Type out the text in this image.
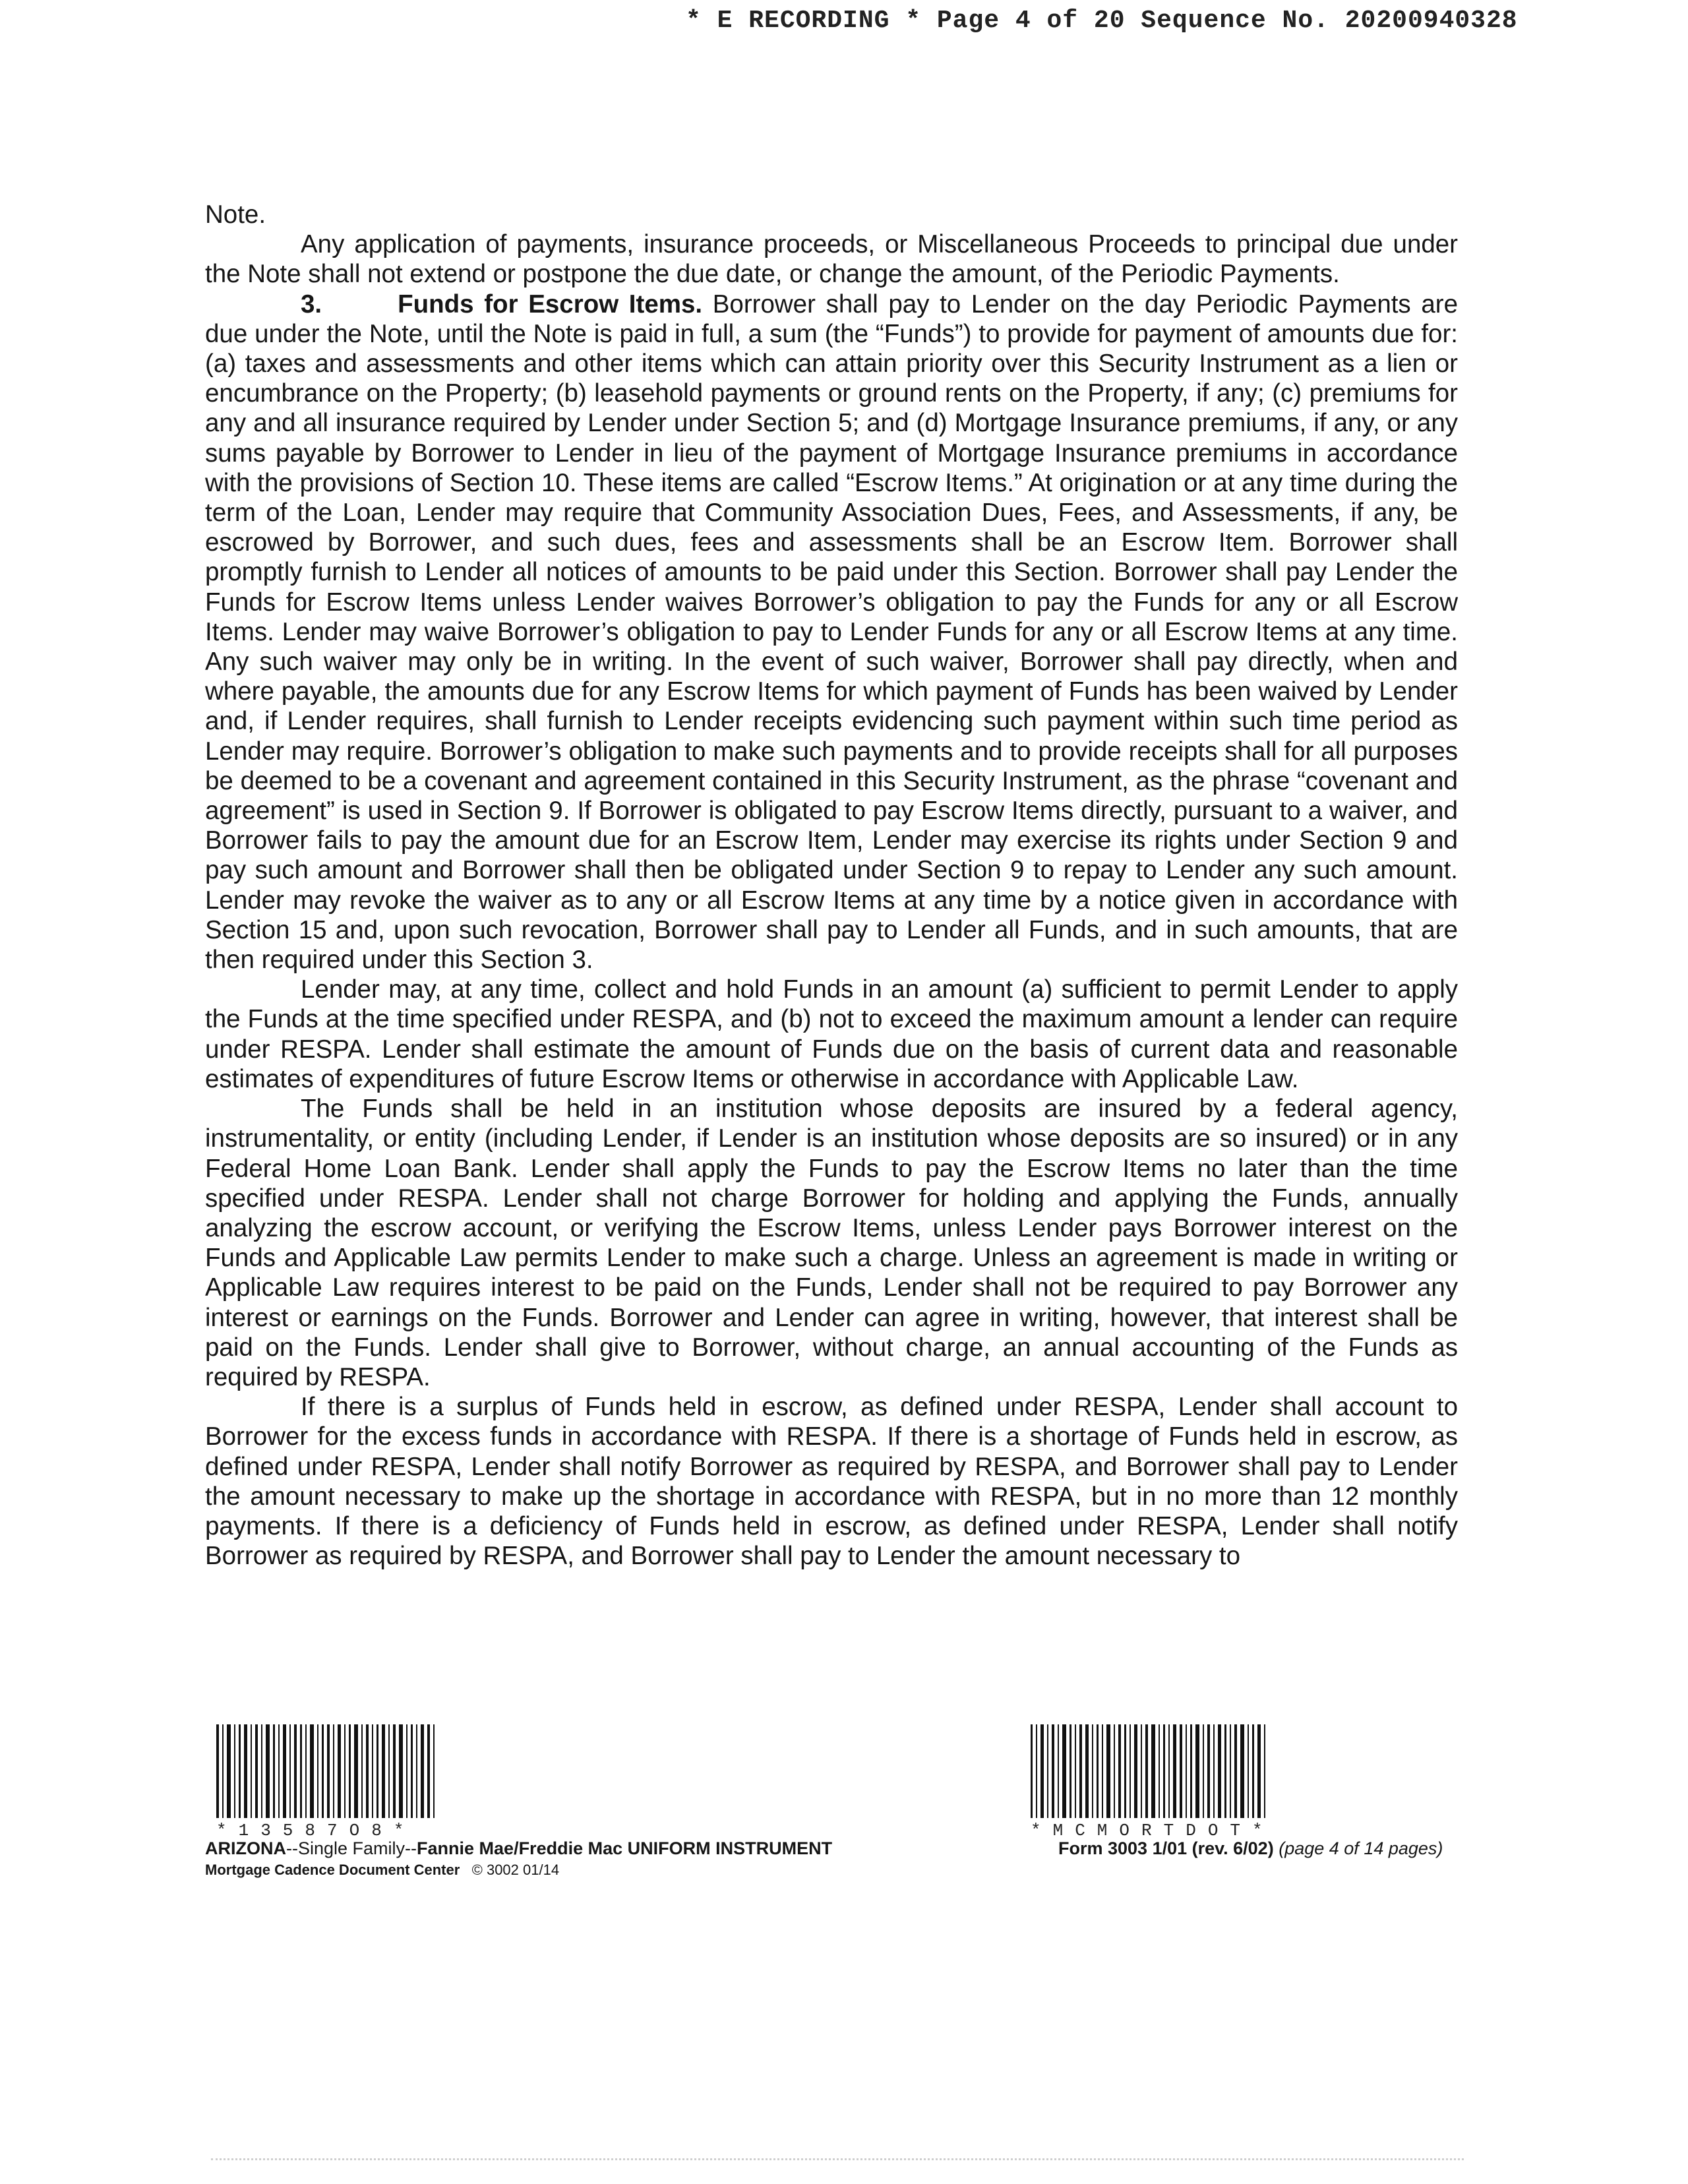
* E RECORDING * Page 4 of 20 Sequence No. 20200940328

Note.

Any application of payments, insurance proceeds, or Miscellaneous Proceeds to principal due under the Note shall not extend or postpone the due date, or change the amount, of the Periodic Payments.

3.	Funds for Escrow Items. Borrower shall pay to Lender on the day Periodic Payments are due under the Note, until the Note is paid in full, a sum (the “Funds”) to provide for payment of amounts due for: (a) taxes and assessments and other items which can attain priority over this Security Instrument as a lien or encumbrance on the Property; (b) leasehold payments or ground rents on the Property, if any; (c) premiums for any and all insurance required by Lender under Section 5; and (d) Mortgage Insurance premiums, if any, or any sums payable by Borrower to Lender in lieu of the payment of Mortgage Insurance premiums in accordance with the provisions of Section 10. These items are called “Escrow Items.” At origination or at any time during the term of the Loan, Lender may require that Community Association Dues, Fees, and Assessments, if any, be escrowed by Borrower, and such dues, fees and assessments shall be an Escrow Item. Borrower shall promptly furnish to Lender all notices of amounts to be paid under this Section. Borrower shall pay Lender the Funds for Escrow Items unless Lender waives Borrower’s obligation to pay the Funds for any or all Escrow Items. Lender may waive Borrower’s obligation to pay to Lender Funds for any or all Escrow Items at any time. Any such waiver may only be in writing. In the event of such waiver, Borrower shall pay directly, when and where payable, the amounts due for any Escrow Items for which payment of Funds has been waived by Lender and, if Lender requires, shall furnish to Lender receipts evidencing such payment within such time period as Lender may require. Borrower’s obligation to make such payments and to provide receipts shall for all purposes be deemed to be a covenant and agreement contained in this Security Instrument, as the phrase “covenant and agreement” is used in Section 9. If Borrower is obligated to pay Escrow Items directly, pursuant to a waiver, and Borrower fails to pay the amount due for an Escrow Item, Lender may exercise its rights under Section 9 and pay such amount and Borrower shall then be obligated under Section 9 to repay to Lender any such amount. Lender may revoke the waiver as to any or all Escrow Items at any time by a notice given in accordance with Section 15 and, upon such revocation, Borrower shall pay to Lender all Funds, and in such amounts, that are then required under this Section 3.

Lender may, at any time, collect and hold Funds in an amount (a) sufficient to permit Lender to apply the Funds at the time specified under RESPA, and (b) not to exceed the maximum amount a lender can require under RESPA. Lender shall estimate the amount of Funds due on the basis of current data and reasonable estimates of expenditures of future Escrow Items or otherwise in accordance with Applicable Law.

The Funds shall be held in an institution whose deposits are insured by a federal agency, instrumentality, or entity (including Lender, if Lender is an institution whose deposits are so insured) or in any Federal Home Loan Bank. Lender shall apply the Funds to pay the Escrow Items no later than the time specified under RESPA. Lender shall not charge Borrower for holding and applying the Funds, annually analyzing the escrow account, or verifying the Escrow Items, unless Lender pays Borrower interest on the Funds and Applicable Law permits Lender to make such a charge. Unless an agreement is made in writing or Applicable Law requires interest to be paid on the Funds, Lender shall not be required to pay Borrower any interest or earnings on the Funds. Borrower and Lender can agree in writing, however, that interest shall be paid on the Funds. Lender shall give to Borrower, without charge, an annual accounting of the Funds as required by RESPA.

If there is a surplus of Funds held in escrow, as defined under RESPA, Lender shall account to Borrower for the excess funds in accordance with RESPA. If there is a shortage of Funds held in escrow, as defined under RESPA, Lender shall notify Borrower as required by RESPA, and Borrower shall pay to Lender the amount necessary to make up the shortage in accordance with RESPA, but in no more than 12 monthly payments. If there is a deficiency of Funds held in escrow, as defined under RESPA, Lender shall notify Borrower as required by RESPA, and Borrower shall pay to Lender the amount necessary to

*13587O8*	*MCMORTDOT*
ARIZONA--Single Family--Fannie Mae/Freddie Mac UNIFORM INSTRUMENT
Mortgage Cadence Document Center © 3002 01/14
Form 3003 1/01 (rev. 6/02) (page 4 of 14 pages)
